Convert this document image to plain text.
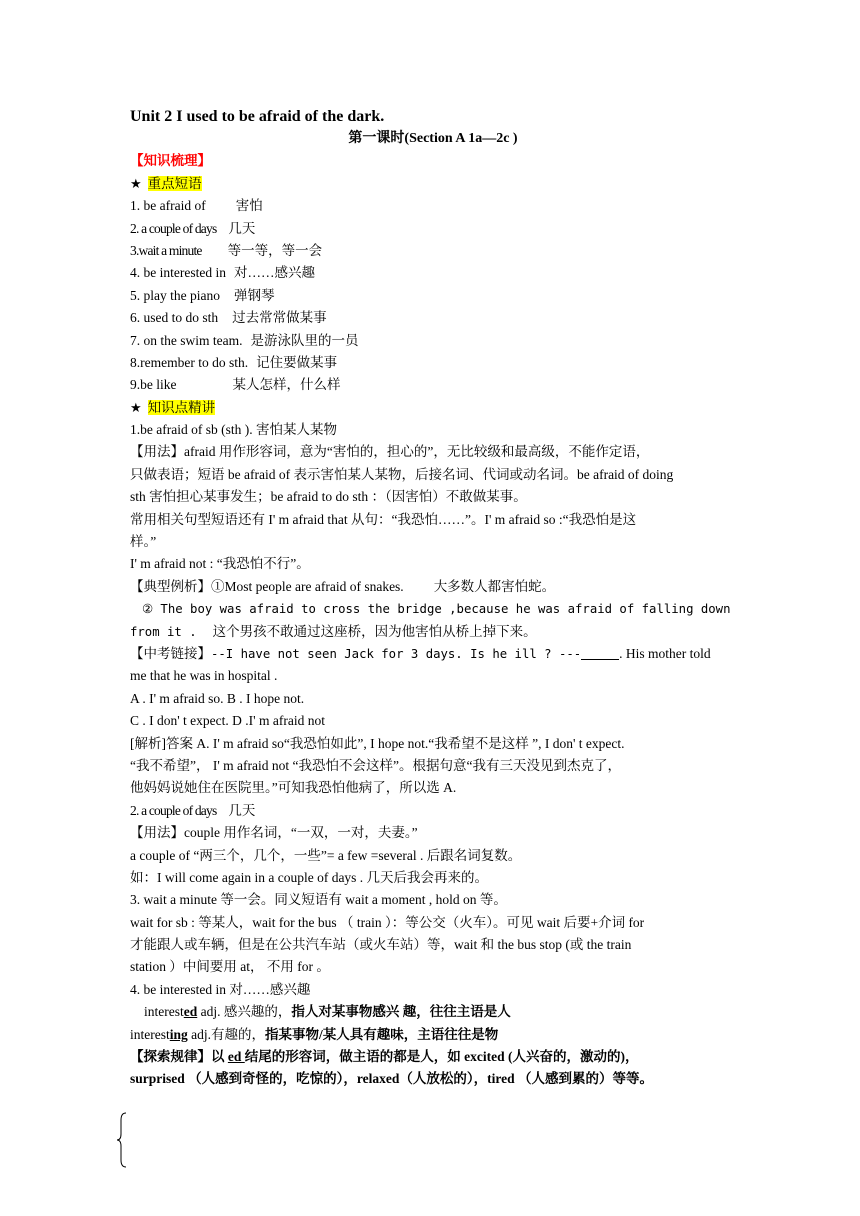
Unit 2 I used to be afraid of the dark.
第一课时(Section A 1a—2c )
【知识梳理】
★ 重点短语
1. be afraid of 害怕
2. a couple of days 几天
3.wait a minute 等一等，等一会
4. be interested in 对……感兴趣
5. play the piano 弹钢琴
6. used to do sth 过去常常做某事
7. on the swim team. 是游泳队里的一员
8.remember to do sth. 记住要做某事
9.be like	某人怎样，什么样
★ 知识点精讲
1.be afraid of sb (sth ). 害怕某人某物
【用法】afraid 用作形容词，意为“害怕的，担心的”，无比较级和最高级，不能作定语，
只做表语；短语 be afraid of 表示害怕某人某物，后接名词、代词或动名词。be afraid of doing
sth 害怕担心某事发生；be afraid to do sth ：（因害怕）不敢做某事。
常用相关句型短语还有 I' m afraid that 从句：“我恐怕……”。I' m afraid so :“我恐怕是这
样。”
I' m afraid not : “我恐怕不行”。
【典型例析】①Most people are afraid of snakes. 大多数人都害怕蛇。
② The boy was afraid to cross the bridge ,because he was afraid of falling down
from it . 这个男孩不敢通过这座桥，因为他害怕从桥上掉下来。
【中考链接】--I have not seen Jack for 3 days. Is he ill ? ---	. His mother told
me that he was in hospital .
A . I' m afraid so. B . I hope not.
C . I don' t expect. D .I' m afraid not
[解析]答案 A. I' m afraid so“我恐怕如此”, I hope not.“我希望不是这样 ”, I don' t expect.
“我不希望”， I' m afraid not “我恐怕不会这样”。根据句意“我有三天没见到杰克了，
他妈妈说她住在医院里。”可知我恐怕他病了，所以选 A.
2. a couple of days 几天
【用法】couple 用作名词，“一双，一对，夫妻。”
a couple of “两三个，几个，一些”= a few =several . 后跟名词复数。
如：I will come again in a couple of days . 几天后我会再来的。
3. wait a minute 等一会。同义短语有 wait a moment , hold on 等。
wait for sb : 等某人，wait for the bus （ train ）：等公交（火车）。可见 wait 后要+介词 for
才能跟人或车辆，但是在公共汽车站（或火车站）等，wait 和 the bus stop (或 the train
station ）中间要用 at， 不用 for 。
4. be interested in 对……感兴趣
interested adj. 感兴趣的，指人对某事物感兴 趣，往往主语是人
interesting adj.有趣的，指某事物/某人具有趣味，主语往往是物
【探索规律】以 ed 结尾的形容词，做主语的都是人，如 excited (人兴奋的，激动的)，
surprised （人感到奇怪的，吃惊的），relaxed（人放松的），tired （人感到累的）等等。
